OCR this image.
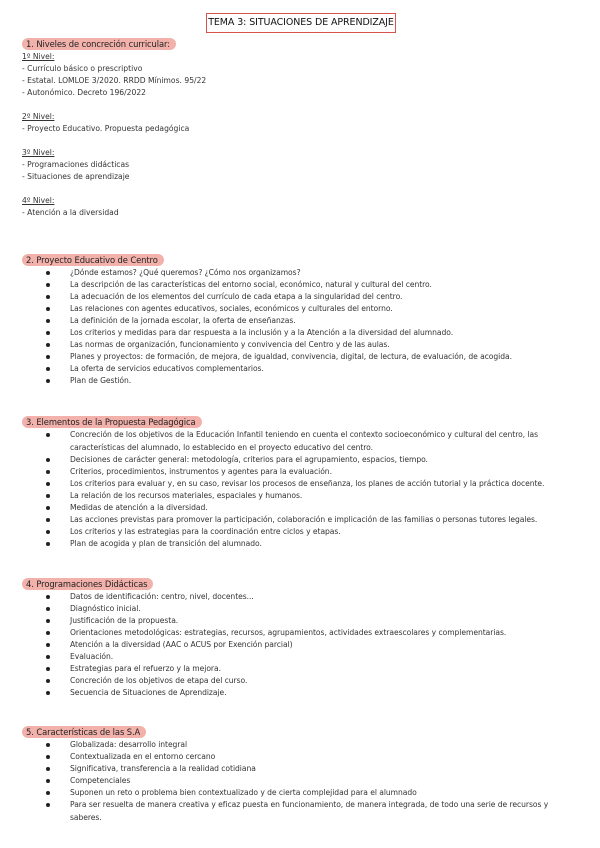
TEMA 3: SITUACIONES DE APRENDIZAJE
1. Niveles de concreción curricular:
1º Nivel:
- Currículo básico o prescriptivo
- Estatal. LOMLOE 3/2020. RRDD Mínimos. 95/22
- Autonómico. Decreto 196/2022
2º Nivel:
- Proyecto Educativo. Propuesta pedagógica
3º Nivel:
- Programaciones didácticas
- Situaciones de aprendizaje
4º Nivel:
- Atención a la diversidad
2. Proyecto Educativo de Centro
¿Dónde estamos? ¿Qué queremos? ¿Cómo nos organizamos?
La descripción de las características del entorno social, económico, natural y cultural del centro.
La adecuación de los elementos del currículo de cada etapa a la singularidad del centro.
Las relaciones con agentes educativos, sociales, económicos y culturales del entorno.
La definición de la jornada escolar, la oferta de enseñanzas.
Los criterios y medidas para dar respuesta a la inclusión y a la Atención a la diversidad del alumnado.
Las normas de organización, funcionamiento y convivencia del Centro y de las aulas.
Planes y proyectos: de formación, de mejora, de igualdad, convivencia, digital, de lectura, de evaluación, de acogida.
La oferta de servicios educativos complementarios.
Plan de Gestión.
3. Elementos de la Propuesta Pedagógica
Concreción de los objetivos de la Educación Infantil teniendo en cuenta el contexto socioeconómico y cultural del centro, las características del alumnado, lo establecido en el proyecto educativo del centro.
Decisiones de carácter general: metodología, criterios para el agrupamiento, espacios, tiempo.
Criterios, procedimientos, instrumentos y agentes para la evaluación.
Los criterios para evaluar y, en su caso, revisar los procesos de enseñanza, los planes de acción tutorial y la práctica docente.
La relación de los recursos materiales, espaciales y humanos.
Medidas de atención a la diversidad.
Las acciones previstas para promover la participación, colaboración e implicación de las familias o personas tutores legales.
Los criterios y las estrategias para la coordinación entre ciclos y etapas.
Plan de acogida y plan de transición del alumnado.
4. Programaciones Didácticas
Datos de identificación: centro, nivel, docentes...
Diagnóstico inicial.
Justificación de la propuesta.
Orientaciones metodológicas: estrategias, recursos, agrupamientos, actividades extraescolares y complementarias.
Atención a la diversidad (AAC o ACUS por Exención parcial)
Evaluación.
Estrategias para el refuerzo y la mejora.
Concreción de los objetivos de etapa del curso.
Secuencia de Situaciones de Aprendizaje.
5. Características de las S.A
Globalizada: desarrollo integral
Contextualizada en el entorno cercano
Significativa, transferencia a la realidad cotidiana
Competenciales
Suponen un reto o problema bien contextualizado y de cierta complejidad para el alumnado
Para ser resuelta de manera creativa y eficaz puesta en funcionamiento, de manera integrada, de todo una serie de recursos y saberes.
